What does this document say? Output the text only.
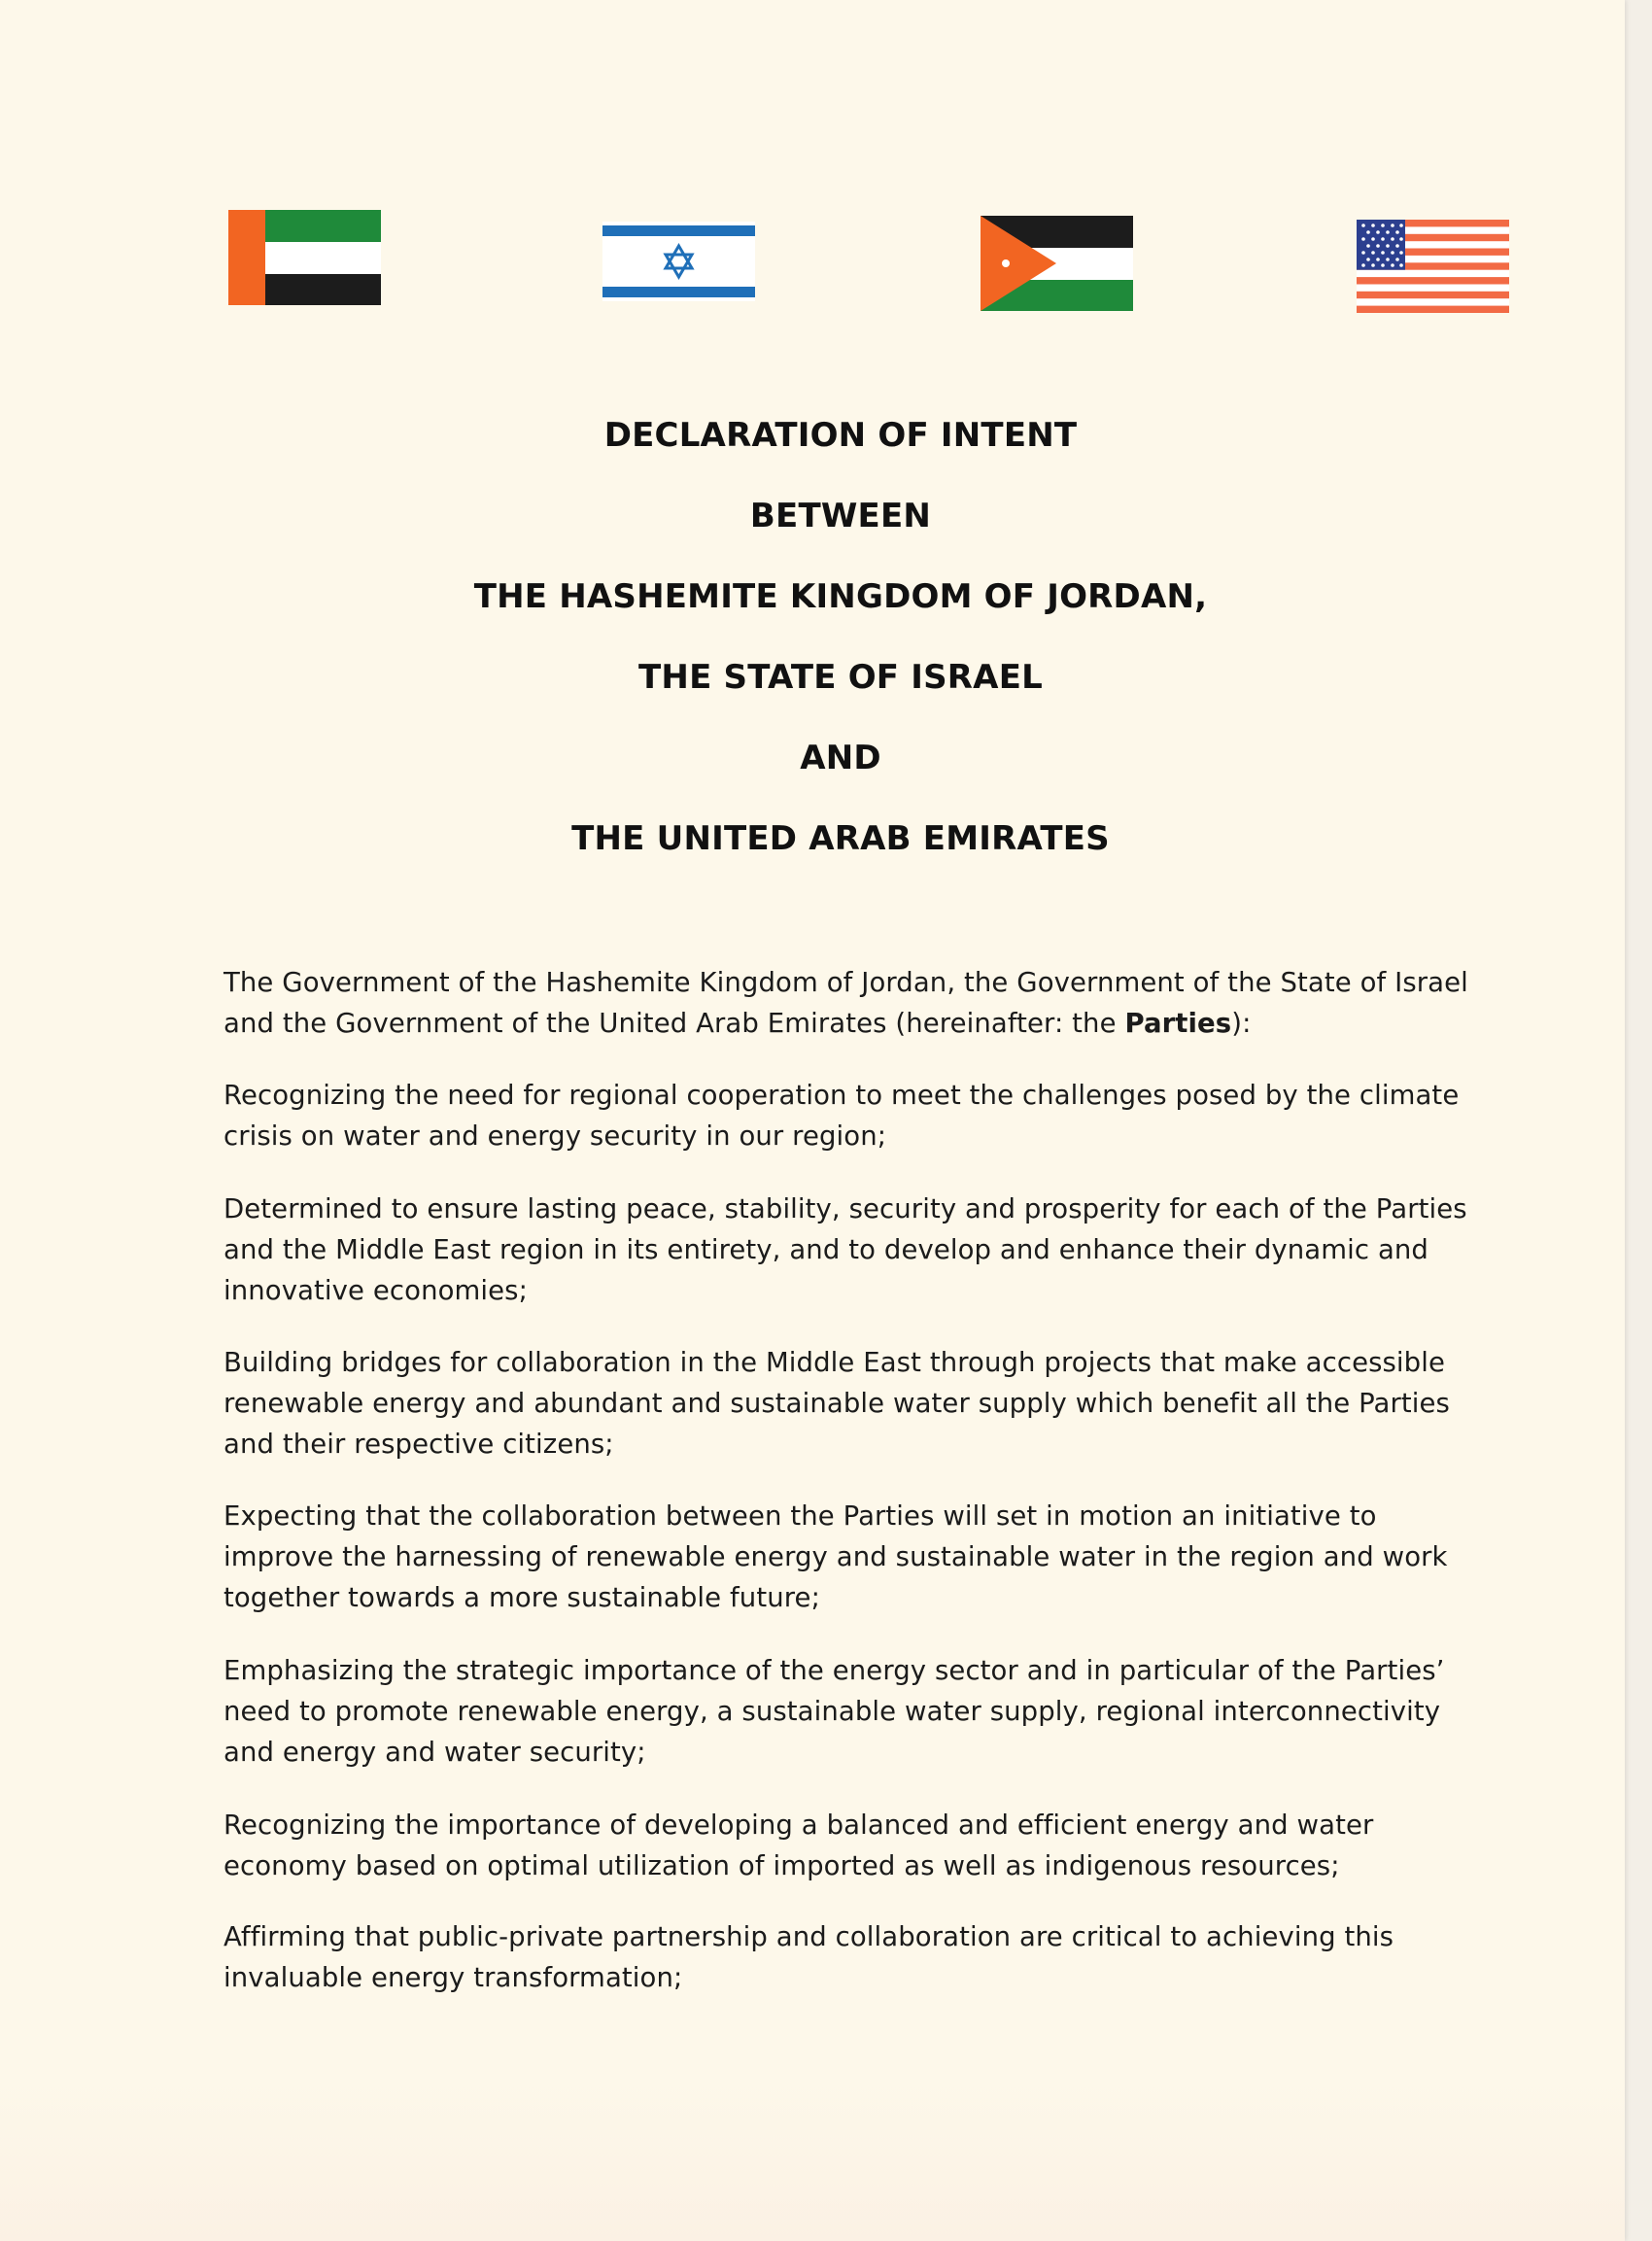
DECLARATION OF INTENT
BETWEEN
THE HASHEMITE KINGDOM OF JORDAN,
THE STATE OF ISRAEL
AND
THE UNITED ARAB EMIRATES
The Government of the Hashemite Kingdom of Jordan, the Government of the State of Israel and the Government of the United Arab Emirates (hereinafter: the Parties):
Recognizing the need for regional cooperation to meet the challenges posed by the climate crisis on water and energy security in our region;
Determined to ensure lasting peace, stability, security and prosperity for each of the Parties and the Middle East region in its entirety, and to develop and enhance their dynamic and innovative economies;
Building bridges for collaboration in the Middle East through projects that make accessible renewable energy and abundant and sustainable water supply which benefit all the Parties and their respective citizens;
Expecting that the collaboration between the Parties will set in motion an initiative to improve the harnessing of renewable energy and sustainable water in the region and work together towards a more sustainable future;
Emphasizing the strategic importance of the energy sector and in particular of the Parties’ need to promote renewable energy, a sustainable water supply, regional interconnectivity and energy and water security;
Recognizing the importance of developing a balanced and efficient energy and water economy based on optimal utilization of imported as well as indigenous resources;
Affirming that public-private partnership and collaboration are critical to achieving this invaluable energy transformation;
